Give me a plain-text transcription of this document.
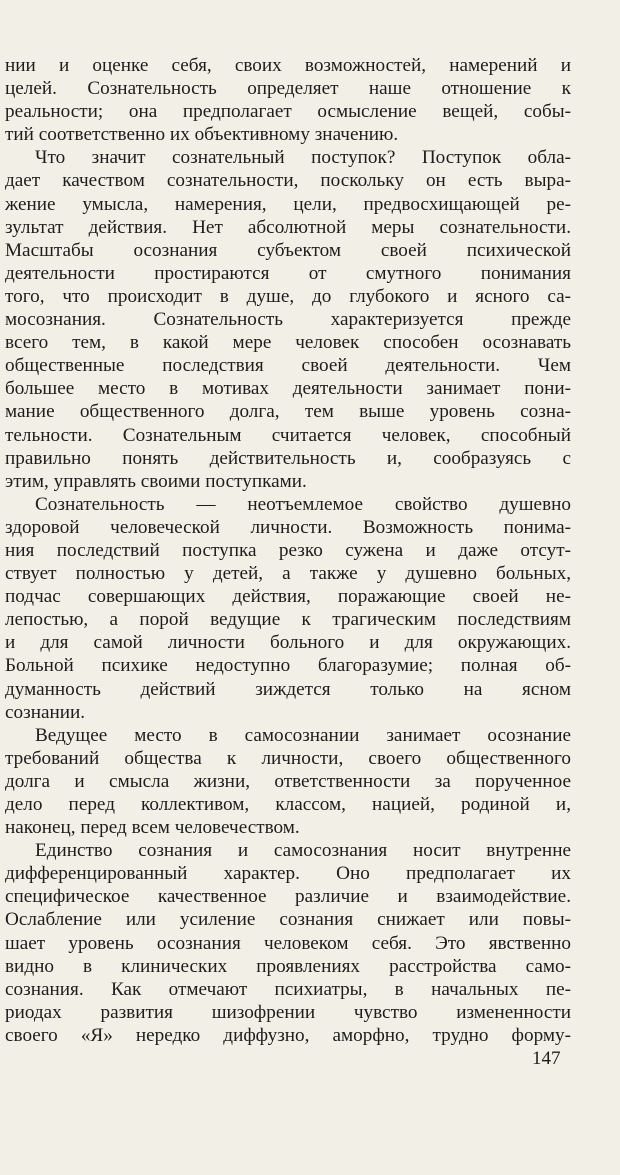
нии и оценке себя, своих возможностей, намерений и
целей. Сознательность определяет наше отношение к
реальности; она предполагает осмысление вещей, собы-
тий соответственно их объективному значению.
Что значит сознательный поступок? Поступок обла-
дает качеством сознательности, поскольку он есть выра-
жение умысла, намерения, цели, предвосхищающей ре-
зультат действия. Нет абсолютной меры сознательности.
Масштабы осознания субъектом своей психической
деятельности простираются от смутного понимания
того, что происходит в душе, до глубокого и ясного са-
мосознания. Сознательность характеризуется прежде
всего тем, в какой мере человек способен осознавать
общественные последствия своей деятельности. Чем
большее место в мотивах деятельности занимает пони-
мание общественного долга, тем выше уровень созна-
тельности. Сознательным считается человек, способный
правильно понять действительность и, сообразуясь с
этим, управлять своими поступками.
Сознательность — неотъемлемое свойство душевно
здоровой человеческой личности. Возможность понима-
ния последствий поступка резко сужена и даже отсут-
ствует полностью у детей, а также у душевно больных,
подчас совершающих действия, поражающие своей не-
лепостью, а порой ведущие к трагическим последствиям
и для самой личности больного и для окружающих.
Больной психике недоступно благоразумие; полная об-
думанность действий зиждется только на ясном
сознании.
Ведущее место в самосознании занимает осознание
требований общества к личности, своего общественного
долга и смысла жизни, ответственности за порученное
дело перед коллективом, классом, нацией, родиной и,
наконец, перед всем человечеством.
Единство сознания и самосознания носит внутренне
дифференцированный характер. Оно предполагает их
специфическое качественное различие и взаимодействие.
Ослабление или усиление сознания снижает или повы-
шает уровень осознания человеком себя. Это явственно
видно в клинических проявлениях расстройства само-
сознания. Как отмечают психиатры, в начальных пе-
риодах развития шизофрении чувство измененности
своего «Я» нередко диффузно, аморфно, трудно форму-
147
